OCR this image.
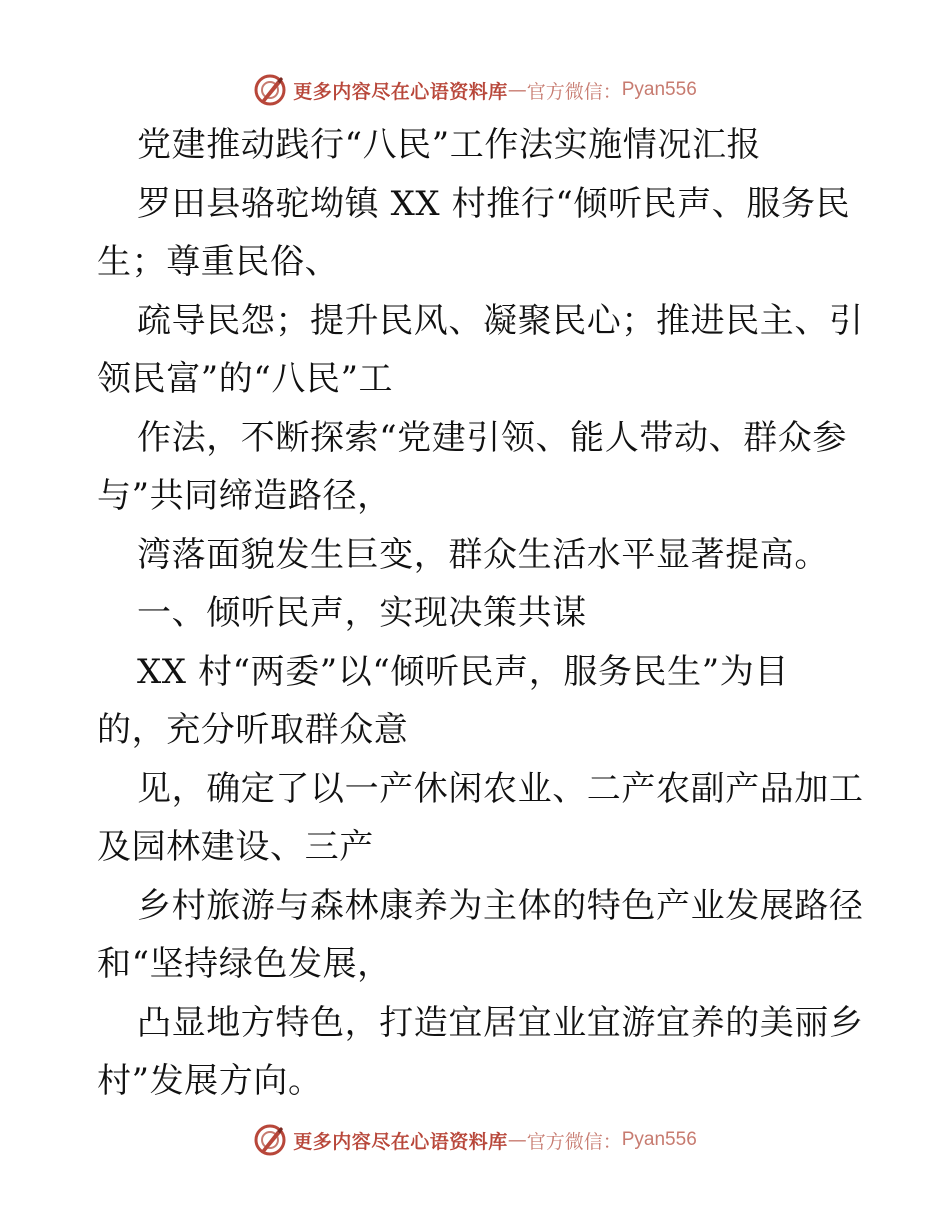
更多内容尽在心语资料库 — 官方微信： Pyan556
党建推动践行“八民”工作法实施情况汇报
罗田县骆驼坳镇 XX 村推行“倾听民声、服务民
生；尊重民俗、
疏导民怨；提升民风、凝聚民心；推进民主、引
领民富”的“八民”工
作法，不断探索“党建引领、能人带动、群众参
与”共同缔造路径，
湾落面貌发生巨变，群众生活水平显著提高。
一、倾听民声，实现决策共谋
XX 村“两委”以“倾听民声，服务民生”为目
的，充分听取群众意
见，确定了以一产休闲农业、二产农副产品加工
及园林建设、三产
乡村旅游与森林康养为主体的特色产业发展路径
和“坚持绿色发展，
凸显地方特色，打造宜居宜业宜游宜养的美丽乡
村”发展方向。
更多内容尽在心语资料库 — 官方微信： Pyan556
